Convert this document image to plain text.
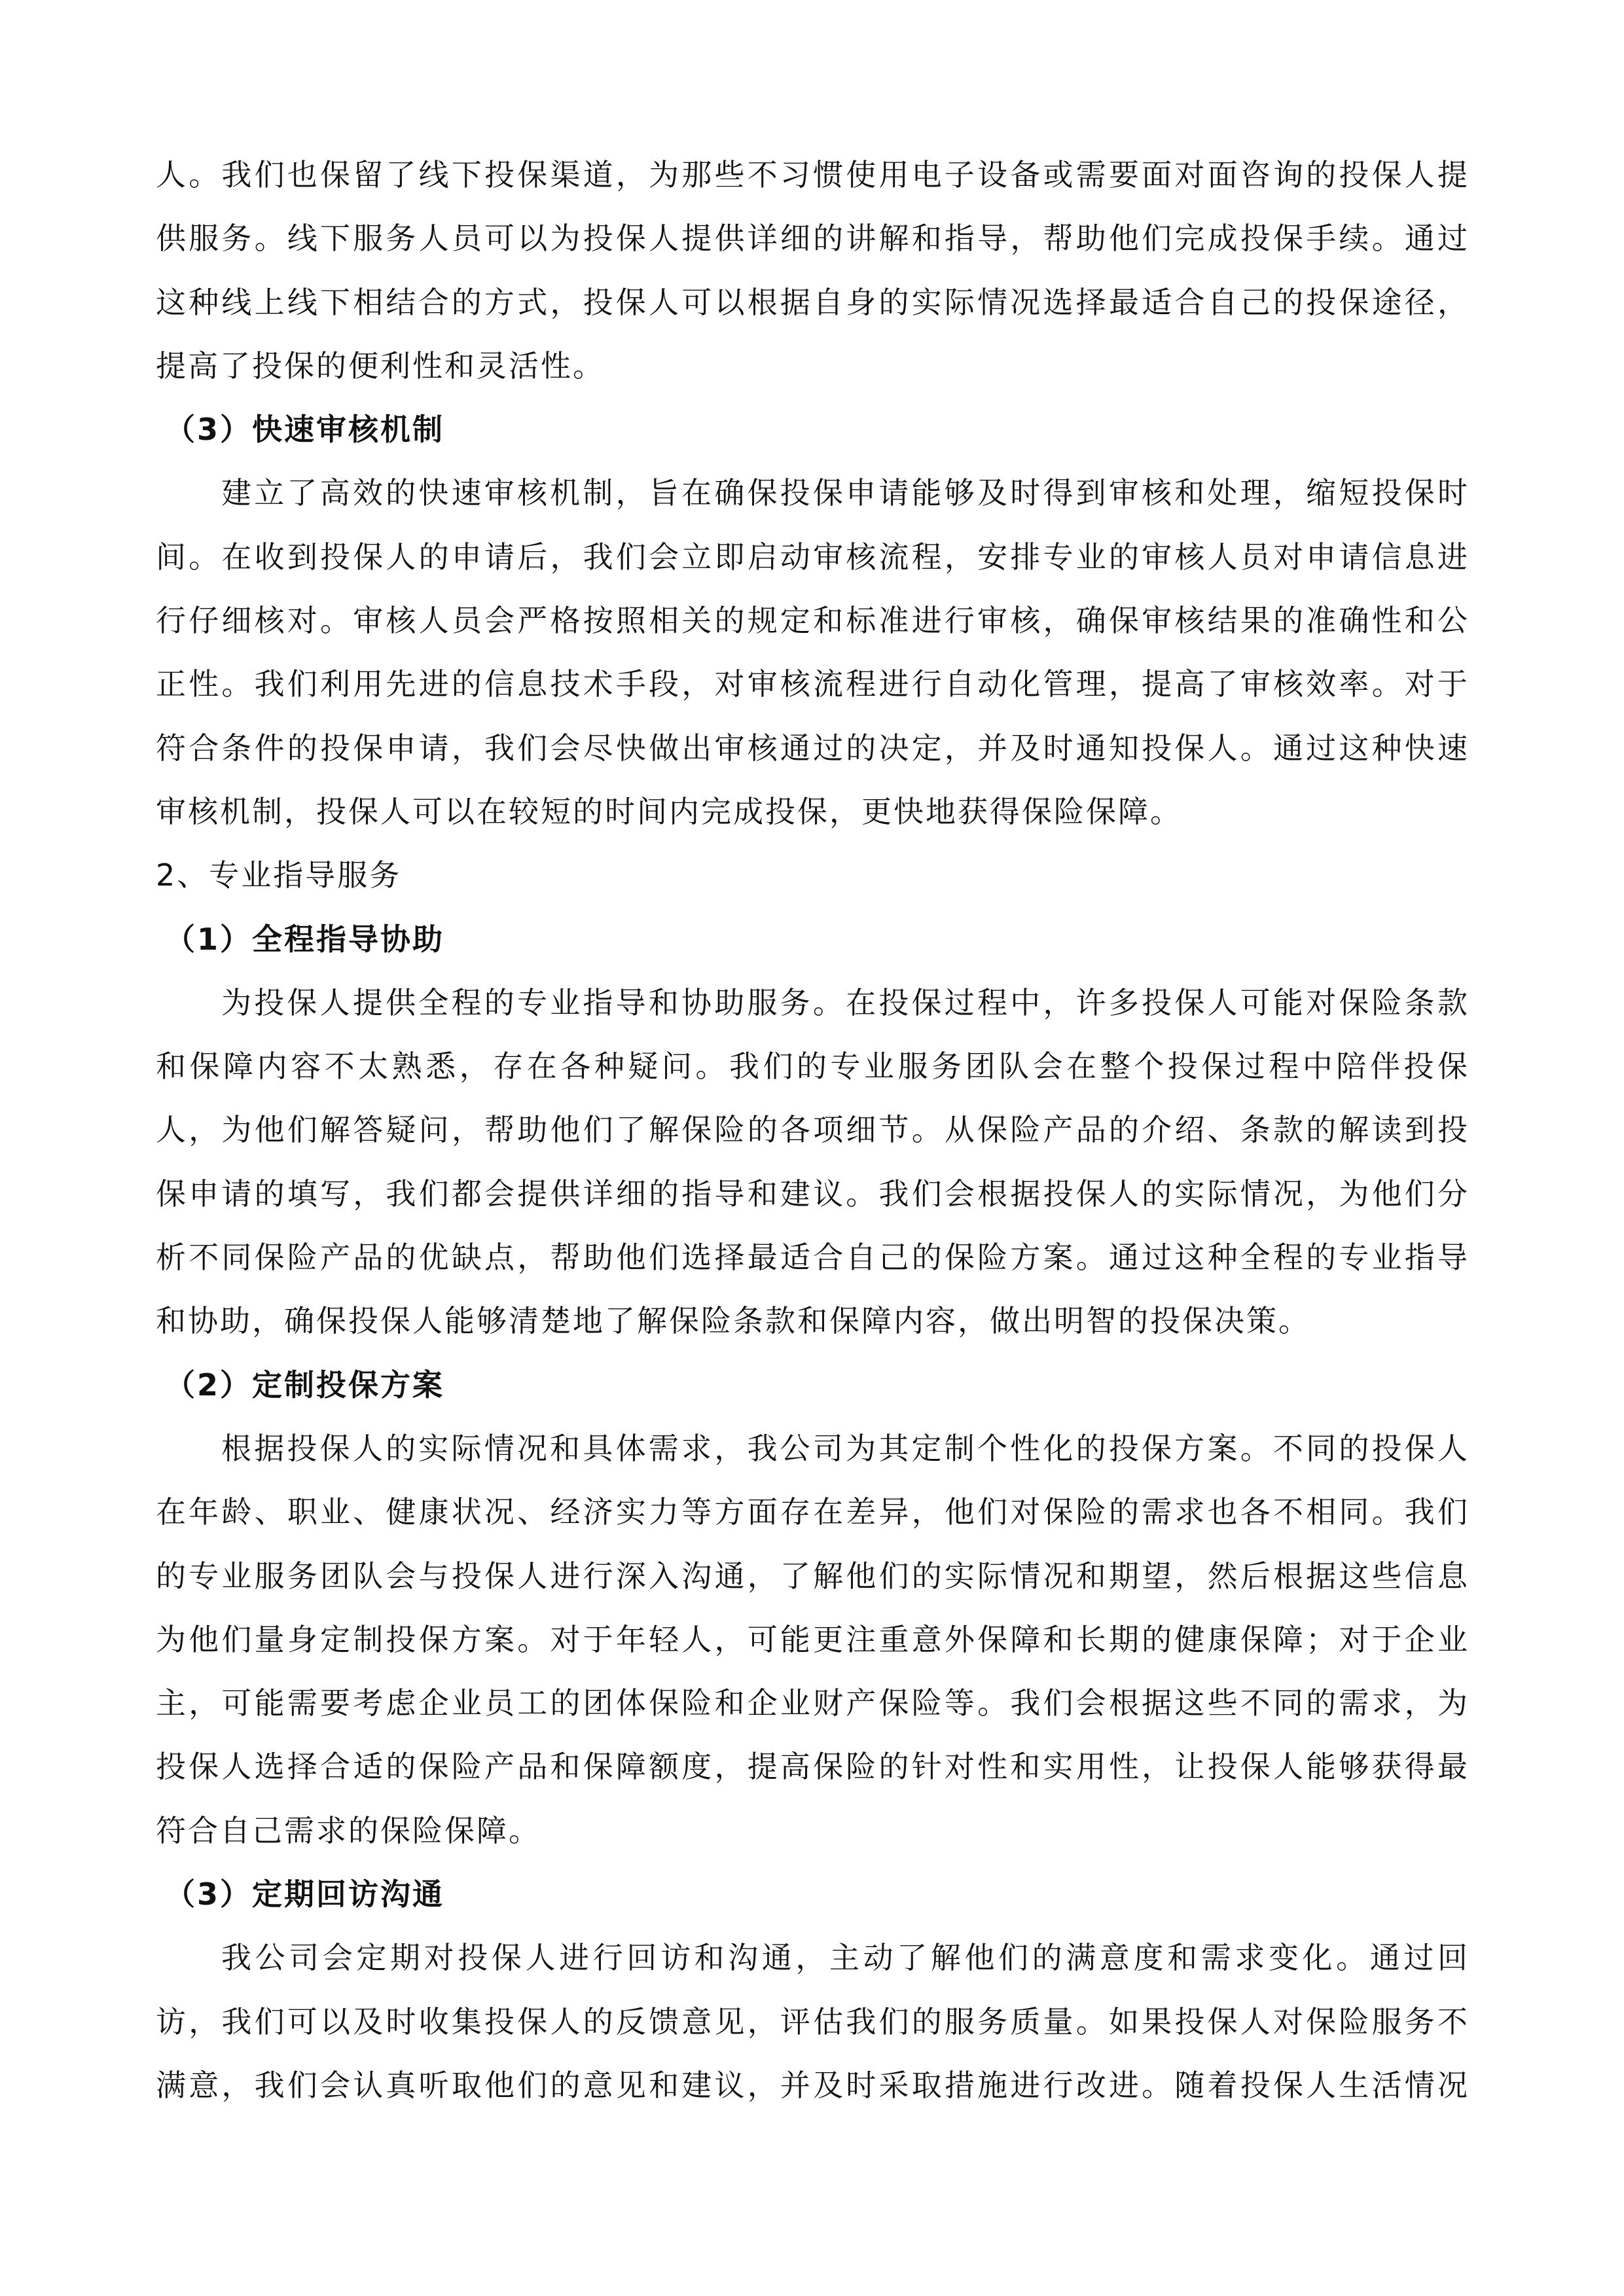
人。我们也保留了线下投保渠道，为那些不习惯使用电子设备或需要面对面咨询的投保人提
供服务。线下服务人员可以为投保人提供详细的讲解和指导，帮助他们完成投保手续。通过
这种线上线下相结合的方式，投保人可以根据自身的实际情况选择最适合自己的投保途径，
提高了投保的便利性和灵活性。
（3）快速审核机制
建立了高效的快速审核机制，旨在确保投保申请能够及时得到审核和处理，缩短投保时
间。在收到投保人的申请后，我们会立即启动审核流程，安排专业的审核人员对申请信息进
行仔细核对。审核人员会严格按照相关的规定和标准进行审核，确保审核结果的准确性和公
正性。我们利用先进的信息技术手段，对审核流程进行自动化管理，提高了审核效率。对于
符合条件的投保申请，我们会尽快做出审核通过的决定，并及时通知投保人。通过这种快速
审核机制，投保人可以在较短的时间内完成投保，更快地获得保险保障。
2、专业指导服务
（1）全程指导协助
为投保人提供全程的专业指导和协助服务。在投保过程中，许多投保人可能对保险条款
和保障内容不太熟悉，存在各种疑问。我们的专业服务团队会在整个投保过程中陪伴投保
人，为他们解答疑问，帮助他们了解保险的各项细节。从保险产品的介绍、条款的解读到投
保申请的填写，我们都会提供详细的指导和建议。我们会根据投保人的实际情况，为他们分
析不同保险产品的优缺点，帮助他们选择最适合自己的保险方案。通过这种全程的专业指导
和协助，确保投保人能够清楚地了解保险条款和保障内容，做出明智的投保决策。
（2）定制投保方案
根据投保人的实际情况和具体需求，我公司为其定制个性化的投保方案。不同的投保人
在年龄、职业、健康状况、经济实力等方面存在差异，他们对保险的需求也各不相同。我们
的专业服务团队会与投保人进行深入沟通，了解他们的实际情况和期望，然后根据这些信息
为他们量身定制投保方案。对于年轻人，可能更注重意外保障和长期的健康保障；对于企业
主，可能需要考虑企业员工的团体保险和企业财产保险等。我们会根据这些不同的需求，为
投保人选择合适的保险产品和保障额度，提高保险的针对性和实用性，让投保人能够获得最
符合自己需求的保险保障。
（3）定期回访沟通
我公司会定期对投保人进行回访和沟通，主动了解他们的满意度和需求变化。通过回
访，我们可以及时收集投保人的反馈意见，评估我们的服务质量。如果投保人对保险服务不
满意，我们会认真听取他们的意见和建议，并及时采取措施进行改进。随着投保人生活情况
